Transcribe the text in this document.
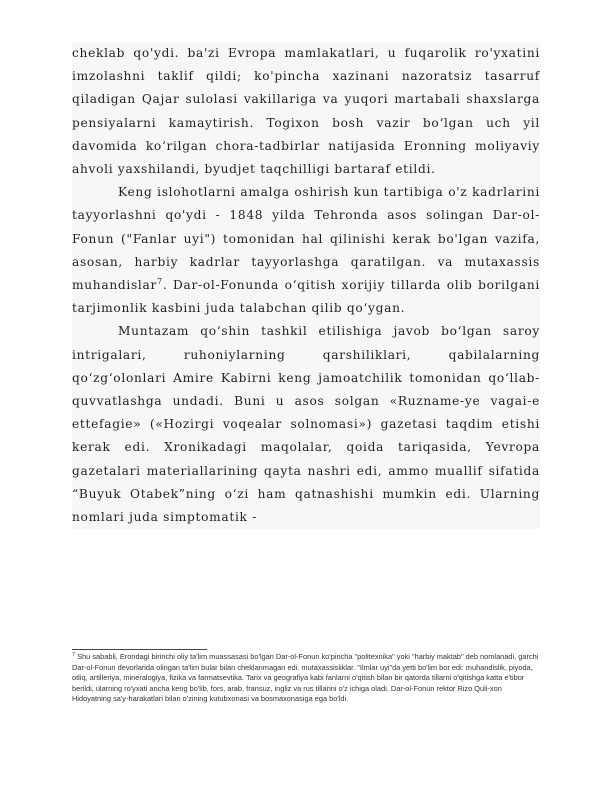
cheklab qo'ydi. ba'zi Evropa mamlakatlari, u fuqarolik ro'yxatini imzolashni taklif qildi; ko'pincha xazinani nazoratsiz tasarruf qiladigan Qajar sulolasi vakillariga va yuqori martabali shaxslarga pensiyalarni kamaytirish. Togixon bosh vazir boʻlgan uch yil davomida koʻrilgan chora-tadbirlar natijasida Eronning moliyaviy ahvoli yaxshilandi, byudjet taqchilligi bartaraf etildi.

Keng islohotlarni amalga oshirish kun tartibiga o'z kadrlarini tayyorlashni qo'ydi - 1848 yilda Tehronda asos solingan Dar-ol-Fonun ("Fanlar uyi") tomonidan hal qilinishi kerak bo'lgan vazifa, asosan, harbiy kadrlar tayyorlashga qaratilgan. va mutaxassis muhandislar$^7$. Dar-ol-Fonunda oʻqitish xorijiy tillarda olib borilgani tarjimonlik kasbini juda talabchan qilib qoʻygan.

Muntazam qoʻshin tashkil etilishiga javob boʻlgan saroy intrigalari, ruhoniylarning qarshiliklari, qabilalarning qoʻzgʻolonlari Amire Kabirni keng jamoatchilik tomonidan qoʻllab-quvvatlashga undadi. Buni u asos solgan «Ruzname-ye vagai-e ettefagie» («Hozirgi voqealar solnomasi») gazetasi taqdim etishi kerak edi. Xronikadagi maqolalar, qoida tariqasida, Yevropa gazetalari materiallarining qayta nashri edi, ammo muallif sifatida “Buyuk Otabek”ning oʻzi ham qatnashishi mumkin edi. Ularning nomlari juda simptomatik -

$^7$ Shu sababli, Erondagi birinchi oliy ta'lim muassasasi bo'lgan Dar-ol-Fonun ko'pincha "politexnika" yoki "harbiy maktab" deb nomlanadi, garchi Dar-ol-Fonun devorlarida olingan ta'lim bular bilan cheklanmagan edi. mutaxassisliklar. "Ilmlar uyi"da yetti bo'lim bor edi: muhandislik, piyoda, otliq, artilleriya, mineralogiya, fizika va farmatsevtika. Tarix va geografiya kabi fanlarni o'qitish bilan bir qatorda tillarni o'qitishga katta e'tibor berildi, ularning ro'yxati ancha keng bo'lib, fors, arab, fransuz, ingliz va rus tillarini o'z ichiga oladi. Dar-ol-Fonun rektor Rizo Quli-xon Hidoyatning sa'y-harakatlari bilan o'zining kutubxonasi va bosmaxonasiga ega bo'ldi.
